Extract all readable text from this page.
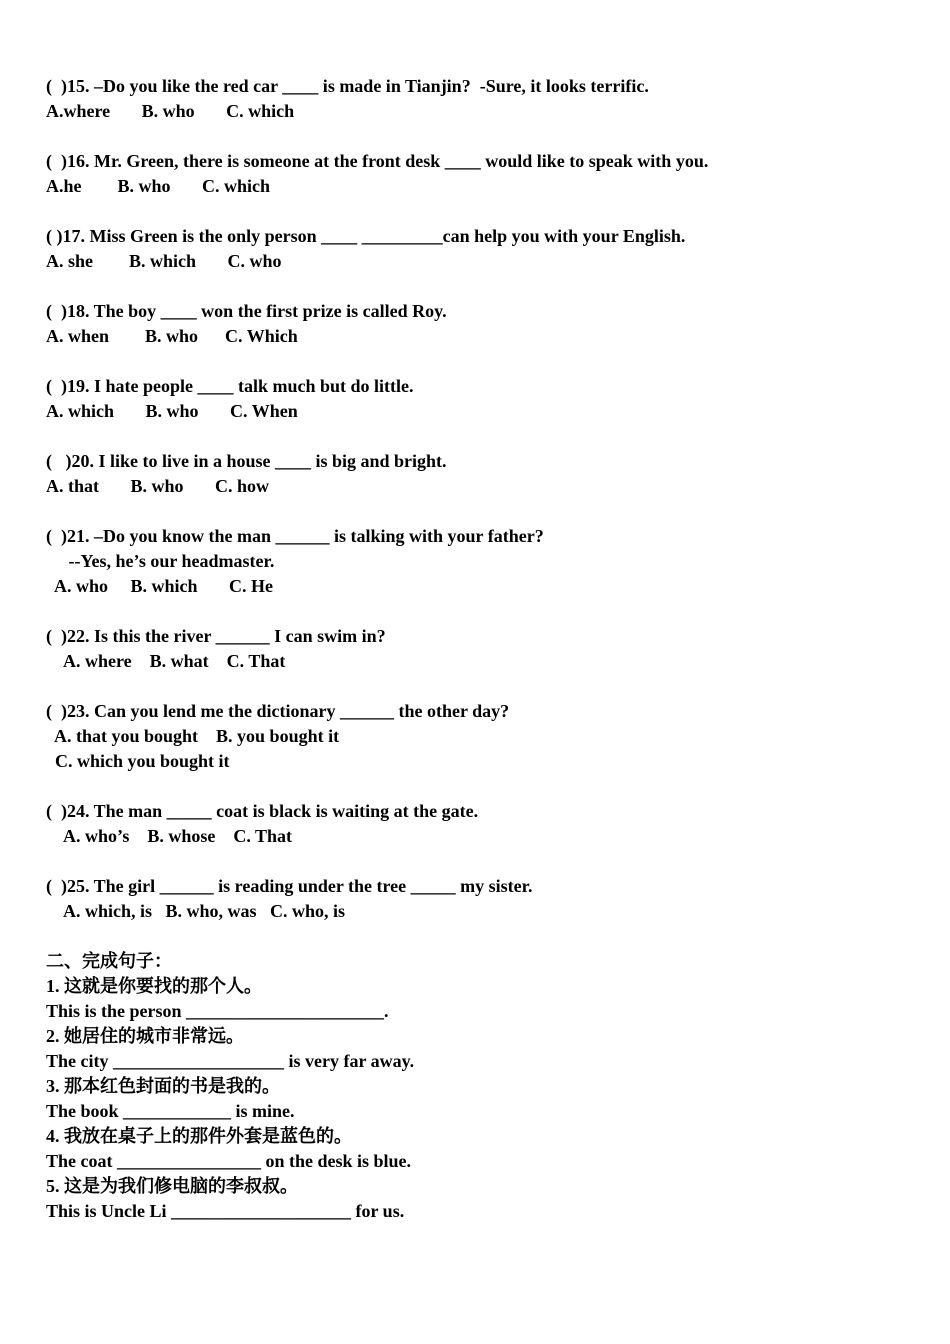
(  )15. –Do you like the red car ____ is made in Tianjin?  -Sure, it looks terrific.
A.where       B. who       C. which
(  )16. Mr. Green, there is someone at the front desk ____ would like to speak with you.
A.he        B. who       C. which
( )17. Miss Green is the only person ____ _________can help you with your English.
A. she        B. which       C. who
(  )18. The boy ____ won the first prize is called Roy.
A. when        B. who      C. Which
(  )19. I hate people ____ talk much but do little.
A. which       B. who       C. When
(   )20. I like to live in a house ____ is big and bright.
A. that       B. who       C. how
(  )21. –Do you know the man ______ is talking with your father?
--Yes, he’s our headmaster.
A. who     B. which       C. He
(  )22. Is this the river ______ I can swim in?
A. where    B. what    C. That
(  )23. Can you lend me the dictionary ______ the other day?
A. that you bought    B. you bought it
C. which you bought it
(  )24. The man _____ coat is black is waiting at the gate.
A. who’s    B. whose    C. That
(  )25. The girl ______ is reading under the tree _____ my sister.
A. which, is   B. who, was   C. who, is
二、完成句子：
1. 这就是你要找的那个人。
This is the person ______________________.
2. 她居住的城市非常远。
The city ___________________ is very far away.
3. 那本红色封面的书是我的。
The book ____________ is mine.
4. 我放在桌子上的那件外套是蓝色的。
The coat ________________ on the desk is blue.
5. 这是为我们修电脑的李叔叔。
This is Uncle Li ____________________ for us.
